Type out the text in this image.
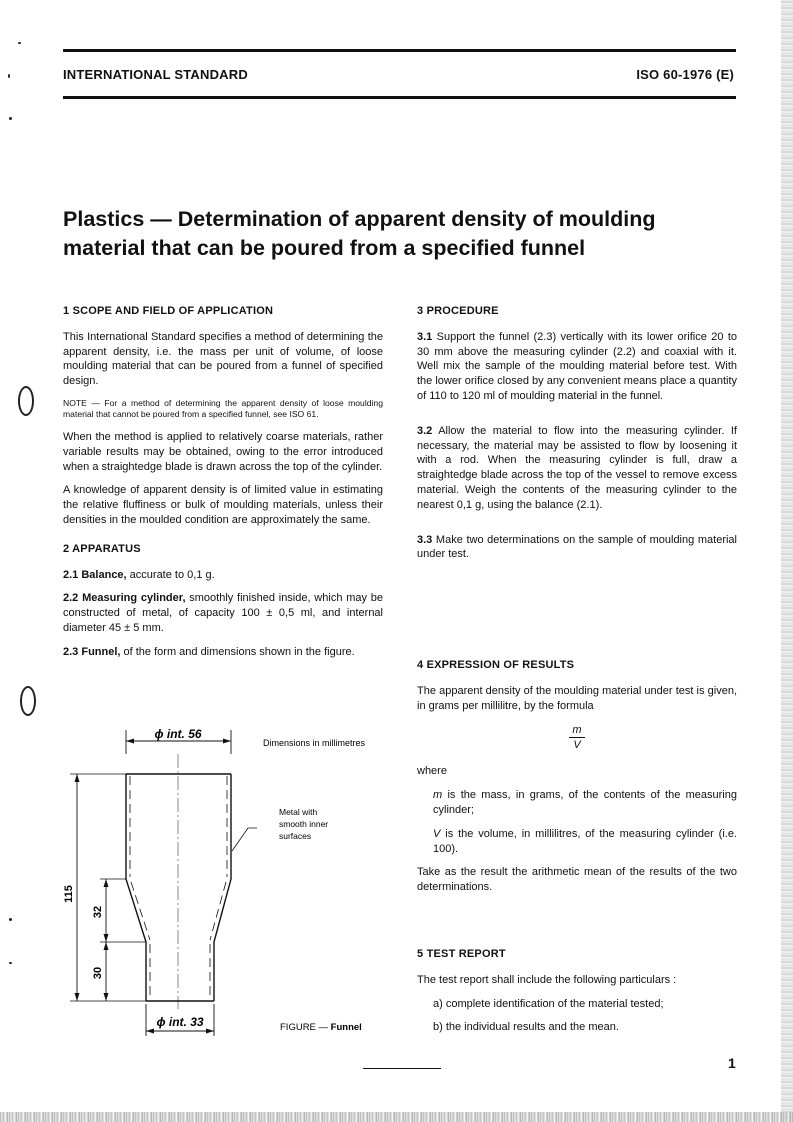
INTERNATIONAL STANDARD	ISO 60-1976 (E)
Plastics — Determination of apparent density of moulding material that can be poured from a specified funnel
1 SCOPE AND FIELD OF APPLICATION

This International Standard specifies a method of determining the apparent density, i.e. the mass per unit of volume, of loose moulding material that can be poured from a funnel of specified design.

NOTE — For a method of determining the apparent density of loose moulding material that cannot be poured from a specified funnel, see ISO 61.

When the method is applied to relatively coarse materials, rather variable results may be obtained, owing to the error introduced when a straightedge blade is drawn across the top of the cylinder.

A knowledge of apparent density is of limited value in estimating the relative fluffiness or bulk of moulding materials, unless their densities in the moulded condition are approximately the same.

2 APPARATUS

2.1 Balance, accurate to 0,1 g.

2.2 Measuring cylinder, smoothly finished inside, which may be constructed of metal, of capacity 100 ± 0,5 ml, and internal diameter 45 ± 5 mm.

2.3 Funnel, of the form and dimensions shown in the figure.

ϕ int. 56
Dimensions in millimetres
Metal with
smooth inner
surfaces
115
32
30
ϕ int. 33	FIGURE — Funnel
3 PROCEDURE

3.1 Support the funnel (2.3) vertically with its lower orifice 20 to 30 mm above the measuring cylinder (2.2) and coaxial with it. Well mix the sample of the moulding material before test. With the lower orifice closed by any convenient means place a quantity of 110 to 120 ml of moulding material in the funnel.

3.2 Allow the material to flow into the measuring cylinder. If necessary, the material may be assisted to flow by loosening it with a rod. When the measuring cylinder is full, draw a straightedge blade across the top of the vessel to remove excess material. Weigh the contents of the measuring cylinder to the nearest 0,1 g, using the balance (2.1).

3.3 Make two determinations on the sample of moulding material under test.

4 EXPRESSION OF RESULTS

The apparent density of the moulding material under test is given, in grams per millilitre, by the formula

m
V

where

m is the mass, in grams, of the contents of the measuring cylinder;

V is the volume, in millilitres, of the measuring cylinder (i.e. 100).

Take as the result the arithmetic mean of the results of the two determinations.

5 TEST REPORT

The test report shall include the following particulars :

a) complete identification of the material tested;

b) the individual results and the mean.

1
